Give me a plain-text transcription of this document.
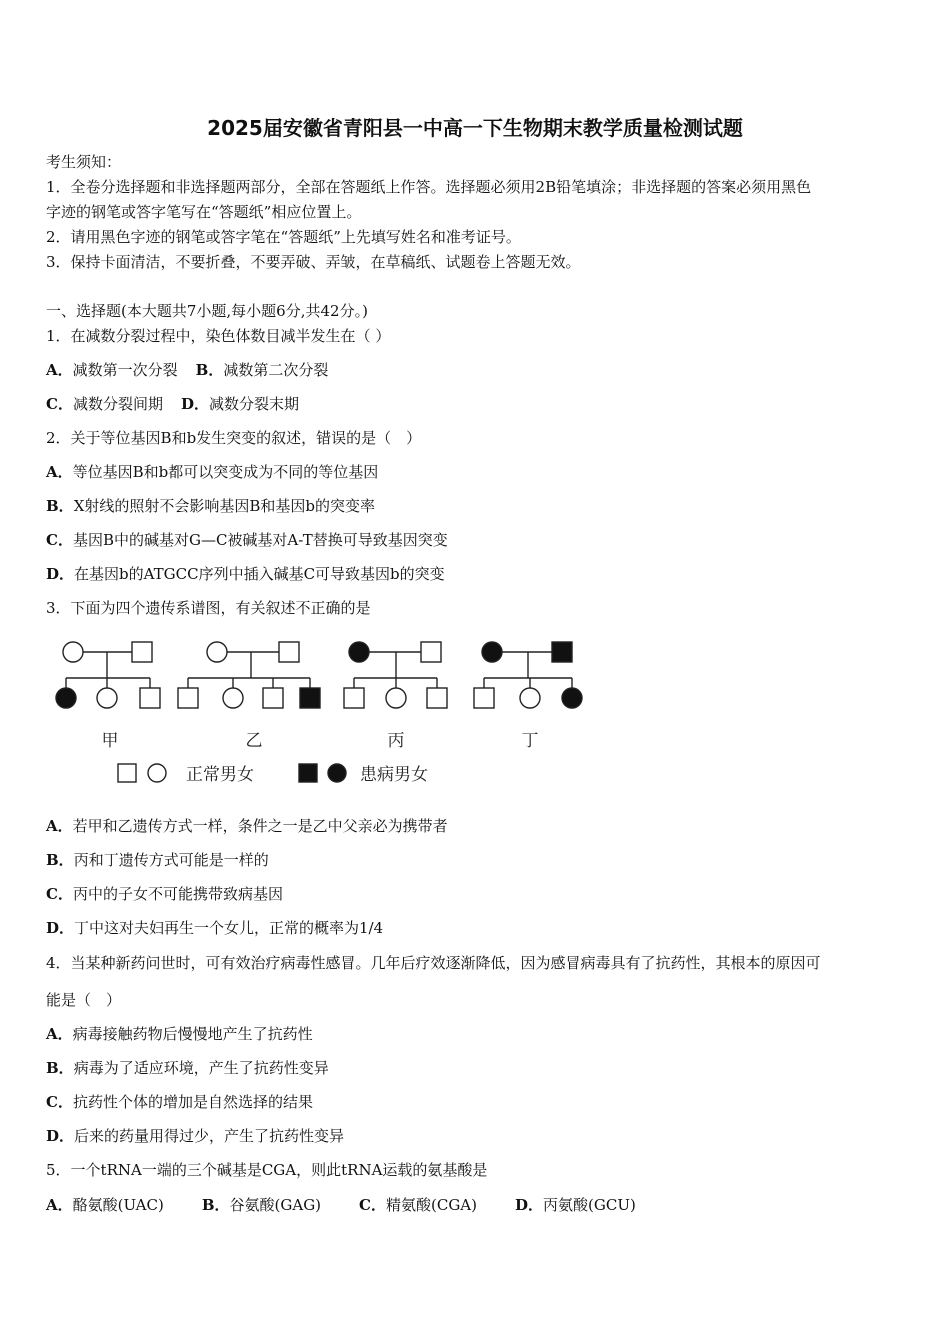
2025届安徽省青阳县一中高一下生物期末教学质量检测试题
考生须知：
1．全卷分选择题和非选择题两部分，全部在答题纸上作答。选择题必须用2B铅笔填涂；非选择题的答案必须用黑色
字迹的钢笔或答字笔写在“答题纸”相应位置上。
2．请用黑色字迹的钢笔或答字笔在“答题纸”上先填写姓名和准考证号。
3．保持卡面清洁，不要折叠，不要弄破、弄皱，在草稿纸、试题卷上答题无效。
一、选择题(本大题共7小题,每小题6分,共42分。)
1．在减数分裂过程中，染色体数目减半发生在（ ）
A．减数第一次分裂 B．减数第二次分裂
C．减数分裂间期 D．减数分裂末期
2．关于等位基因B和b发生突变的叙述，错误的是（　）
A．等位基因B和b都可以突变成为不同的等位基因
B．X射线的照射不会影响基因B和基因b的突变率
C．基因B中的碱基对G—C被碱基对A-T替换可导致基因突变
D．在基因b的ATGCC序列中插入碱基C可导致基因b的突变
3．下面为四个遗传系谱图，有关叙述不正确的是
甲	乙	丙	丁
正常男女	患病男女
A．若甲和乙遗传方式一样，条件之一是乙中父亲必为携带者
B．丙和丁遗传方式可能是一样的
C．丙中的子女不可能携带致病基因
D．丁中这对夫妇再生一个女儿，正常的概率为1/4
4．当某种新药问世时，可有效治疗病毒性感冒。几年后疗效逐渐降低，因为感冒病毒具有了抗药性，其根本的原因可
能是（　）
A．病毒接触药物后慢慢地产生了抗药性
B．病毒为了适应环境，产生了抗药性变异
C．抗药性个体的增加是自然选择的结果
D．后来的药量用得过少，产生了抗药性变异
5．一个tRNA一端的三个碱基是CGA，则此tRNA运载的氨基酸是
A．酪氨酸(UAC)	B．谷氨酸(GAG)	C．精氨酸(CGA)	D．丙氨酸(GCU)
